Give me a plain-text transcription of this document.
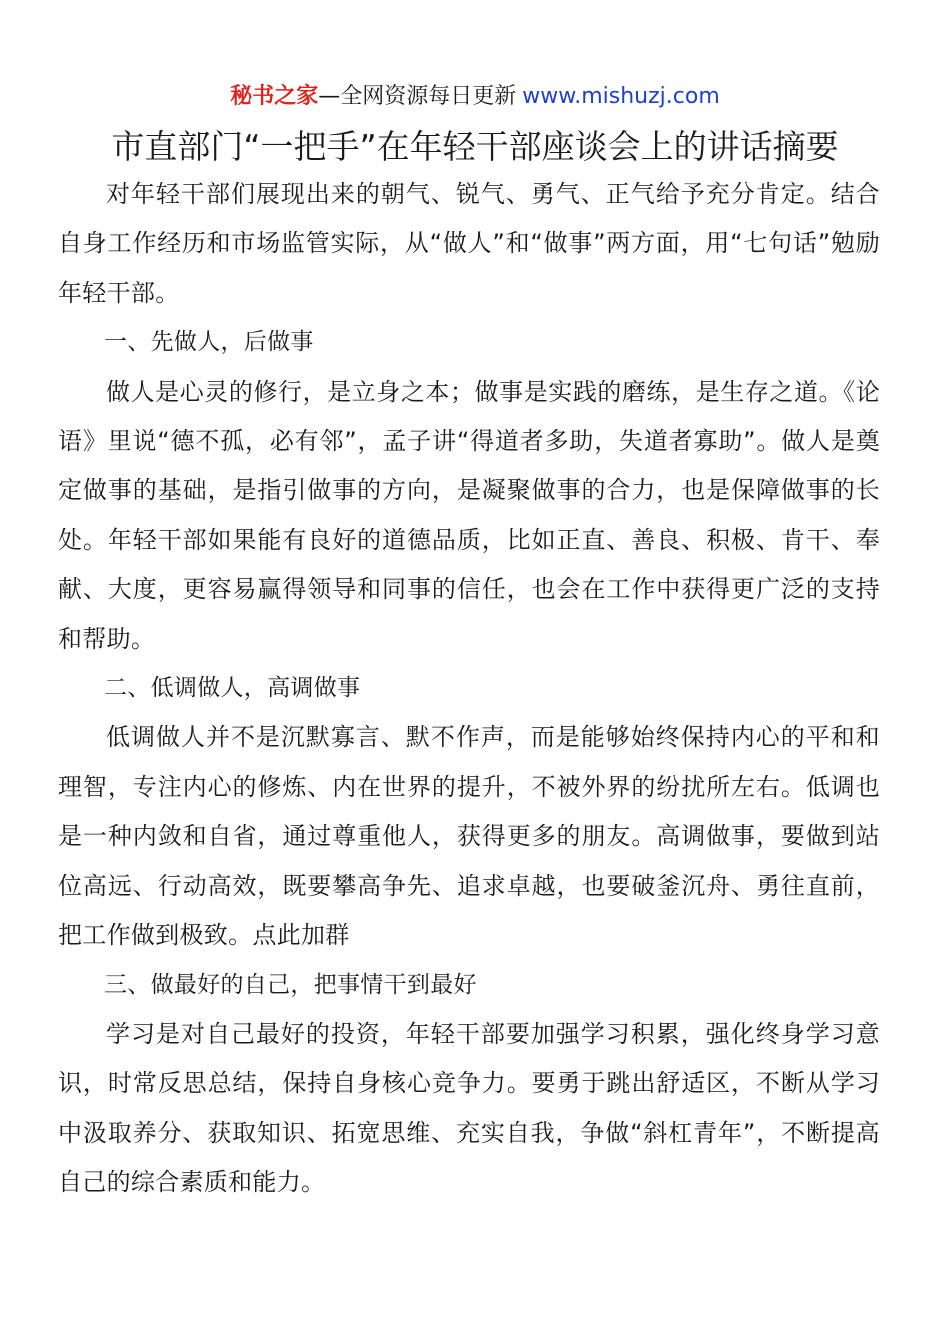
秘书之家—全网资源每日更新 www.mishuzj.com
市直部门“一把手”在年轻干部座谈会上的讲话摘要

对年轻干部们展现出来的朝气、锐气、勇气、正气给予充分肯定。结合自身工作经历和市场监管实际，从“做人”和“做事”两方面，用“七句话”勉励年轻干部。

一、先做人，后做事

做人是心灵的修行，是立身之本；做事是实践的磨练，是生存之道。《论语》里说“德不孤，必有邻”，孟子讲“得道者多助，失道者寡助”。做人是奠定做事的基础，是指引做事的方向，是凝聚做事的合力，也是保障做事的长处。年轻干部如果能有良好的道德品质，比如正直、善良、积极、肯干、奉献、大度，更容易赢得领导和同事的信任，也会在工作中获得更广泛的支持和帮助。

二、低调做人，高调做事

低调做人并不是沉默寡言、默不作声，而是能够始终保持内心的平和和理智，专注内心的修炼、内在世界的提升，不被外界的纷扰所左右。低调也是一种内敛和自省，通过尊重他人，获得更多的朋友。高调做事，要做到站位高远、行动高效，既要攀高争先、追求卓越，也要破釜沉舟、勇往直前，把工作做到极致。点此加群

三、做最好的自己，把事情干到最好

学习是对自己最好的投资，年轻干部要加强学习积累，强化终身学习意识，时常反思总结，保持自身核心竞争力。要勇于跳出舒适区，不断从学习中汲取养分、获取知识、拓宽思维、充实自我，争做“斜杠青年”，不断提高自己的综合素质和能力。
